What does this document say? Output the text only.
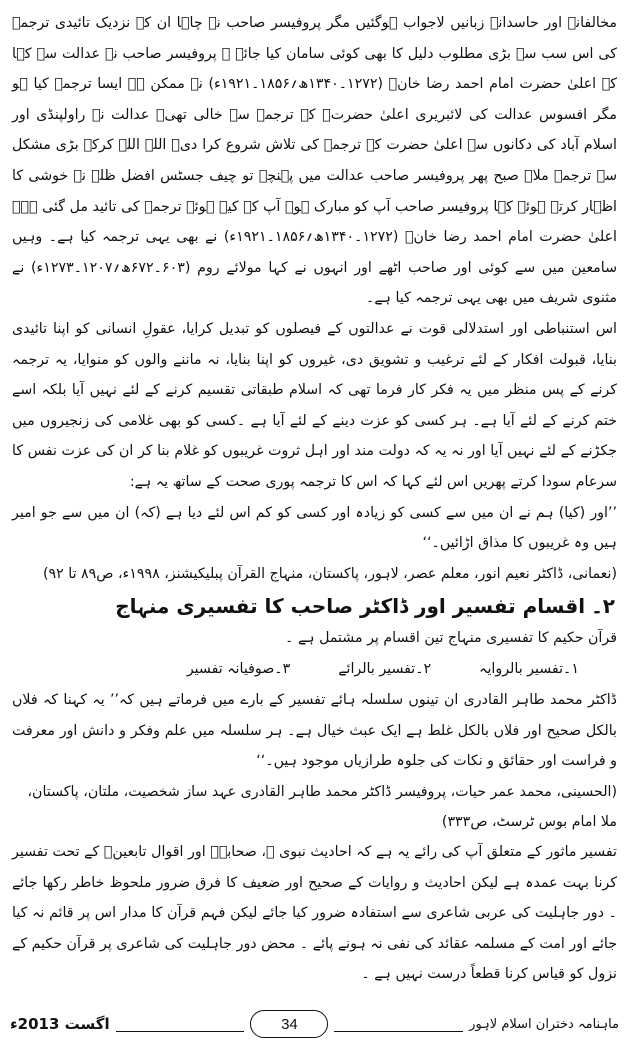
مخالفانہ اور حاسدانہ زبانیں لاجواب ہوگئیں مگر پروفیسر صاحب نے چاہا ان کے نزدیک تائیدی ترجمے کی اس سب سے بڑی مطلوب دلیل کا بھی کوئی سامان کیا جائے ۔ پروفیسر صاحب نے عدالت سے کہا کہ اعلیٰ حضرت امام احمد رضا خانؒ (۱۲۷۲۔۱۳۴۰ھ؍۱۸۵۶۔۱۹۲۱ء) نے ممکن ہے ایسا ترجمہ کیا ہو مگر افسوس عدالت کی لائبریری اعلیٰ حضرتؒ کے ترجمے سے خالی تھی۔ عدالت نے راولپنڈی اور اسلام آباد کی دکانوں سے اعلیٰ حضرت کے ترجمے کی تلاش شروع کرا دی۔ اللہ اللہ کرکے بڑی مشکل سے ترجمہ ملا۔ صبح پھر پروفیسر صاحب عدالت میں پہنچے تو چیف جسٹس افضل ظلہ نے خوشی کا اظہار کرتے ہوئے کہا پروفیسر صاحب آپ کو مبارک ہو۔ آپ کے کیے ہوئے ترجمے کی تائید مل گئی ہے۔ اعلیٰ حضرت امام احمد رضا خانؒ (۱۲۷۲۔۱۳۴۰ھ؍۱۸۵۶۔۱۹۲۱ء) نے بھی یہی ترجمہ کیا ہے۔ وہیں سامعین میں سے کوئی اور صاحب اٹھے اور انہوں نے کہا مولائے روم (۶۰۳۔۶۷۲ھ؍۱۲۰۷۔۱۲۷۳ء) نے مثنوی شریف میں بھی یہی ترجمہ کیا ہے۔

اس استنباطی اور استدلالی قوت نے عدالتوں کے فیصلوں کو تبدیل کرایا، عقولِ انسانی کو اپنا تائیدی بنایا، قبولت افکار کے لئے ترغیب و تشویق دی، غیروں کو اپنا بنایا، نہ ماننے والوں کو منوایا، یہ ترجمہ کرنے کے پس منظر میں یہ فکر کار فرما تھی کہ اسلام طبقاتی تقسیم کرنے کے لئے نہیں آیا بلکہ اسے ختم کرنے کے لئے آیا ہے۔ ہر کسی کو عزت دینے کے لئے آیا ہے ۔کسی کو بھی غلامی کی زنجیروں میں جکڑنے کے لئے نہیں آیا اور نہ یہ کہ دولت مند اور اہل ثروت غریبوں کو غلام بنا کر ان کی عزت نفس کا سرعام سودا کرتے پھریں اس لئے کہا کہ اس کا ترجمہ پوری صحت کے ساتھ یہ ہے:

’’اور (کیا) ہم نے ان میں سے کسی کو زیادہ اور کسی کو کم اس لئے دیا ہے (کہ) ان میں سے جو امیر ہیں وہ غریبوں کا مذاق اڑائیں۔‘‘

(نعمانی، ڈاکٹر نعیم انور، معلم عصر، لاہور، پاکستان، منہاج القرآن پبلیکیشنز، ۱۹۹۸ء، ص۸۹ تا ۹۲)

۲۔اقسام تفسیر اور ڈاکٹر صاحب کا تفسیری منہاج

قرآن حکیم کا تفسیری منہاج تین اقسام پر مشتمل ہے ۔

۱۔تفسیر بالروایہ
۲۔تفسیر بالرائے
۳۔صوفیانہ تفسیر

ڈاکٹر محمد طاہر القادری ان تینوں سلسلہ ہائے تفسیر کے بارے میں فرماتے ہیں کہ’’ یہ کہنا کہ فلاں بالکل صحیح اور فلاں بالکل غلط ہے ایک عبث خیال ہے۔ ہر سلسلہ میں علم وفکر و دانش اور معرفت و فراست اور حقائق و نکات کی جلوہ طرازیاں موجود ہیں۔‘‘

(الحسینی، محمد عمر حیات، پروفیسر ڈاکٹر محمد طاہر القادری عہد ساز شخصیت، ملتان، پاکستان، ملا امام بوس ٹرسٹ، ص۳۳۳)

تفسیر ماثور کے متعلق آپ کی رائے یہ ہے کہ احادیث نبوی ﷺ، صحابہؓ اور اقوال تابعینؒ کے تحت تفسیر کرنا بہت عمدہ ہے لیکن احادیث و روایات کے صحیح اور ضعیف کا فرق ضرور ملحوظ خاطر رکھا جائے ۔ دور جاہلیت کی عربی شاعری سے استفادہ ضرور کیا جائے لیکن فہم قرآن کا مدار اس پر قائم نہ کیا جائے اور امت کے مسلمہ عقائد کی نفی نہ ہونے پائے ۔ محض دور جاہلیت کی شاعری پر قرآن حکیم کے نزول کو قیاس کرنا قطعاً درست نہیں ہے ۔

ماہنامہ دختران اسلام لاہور
34
اگست 2013ء
